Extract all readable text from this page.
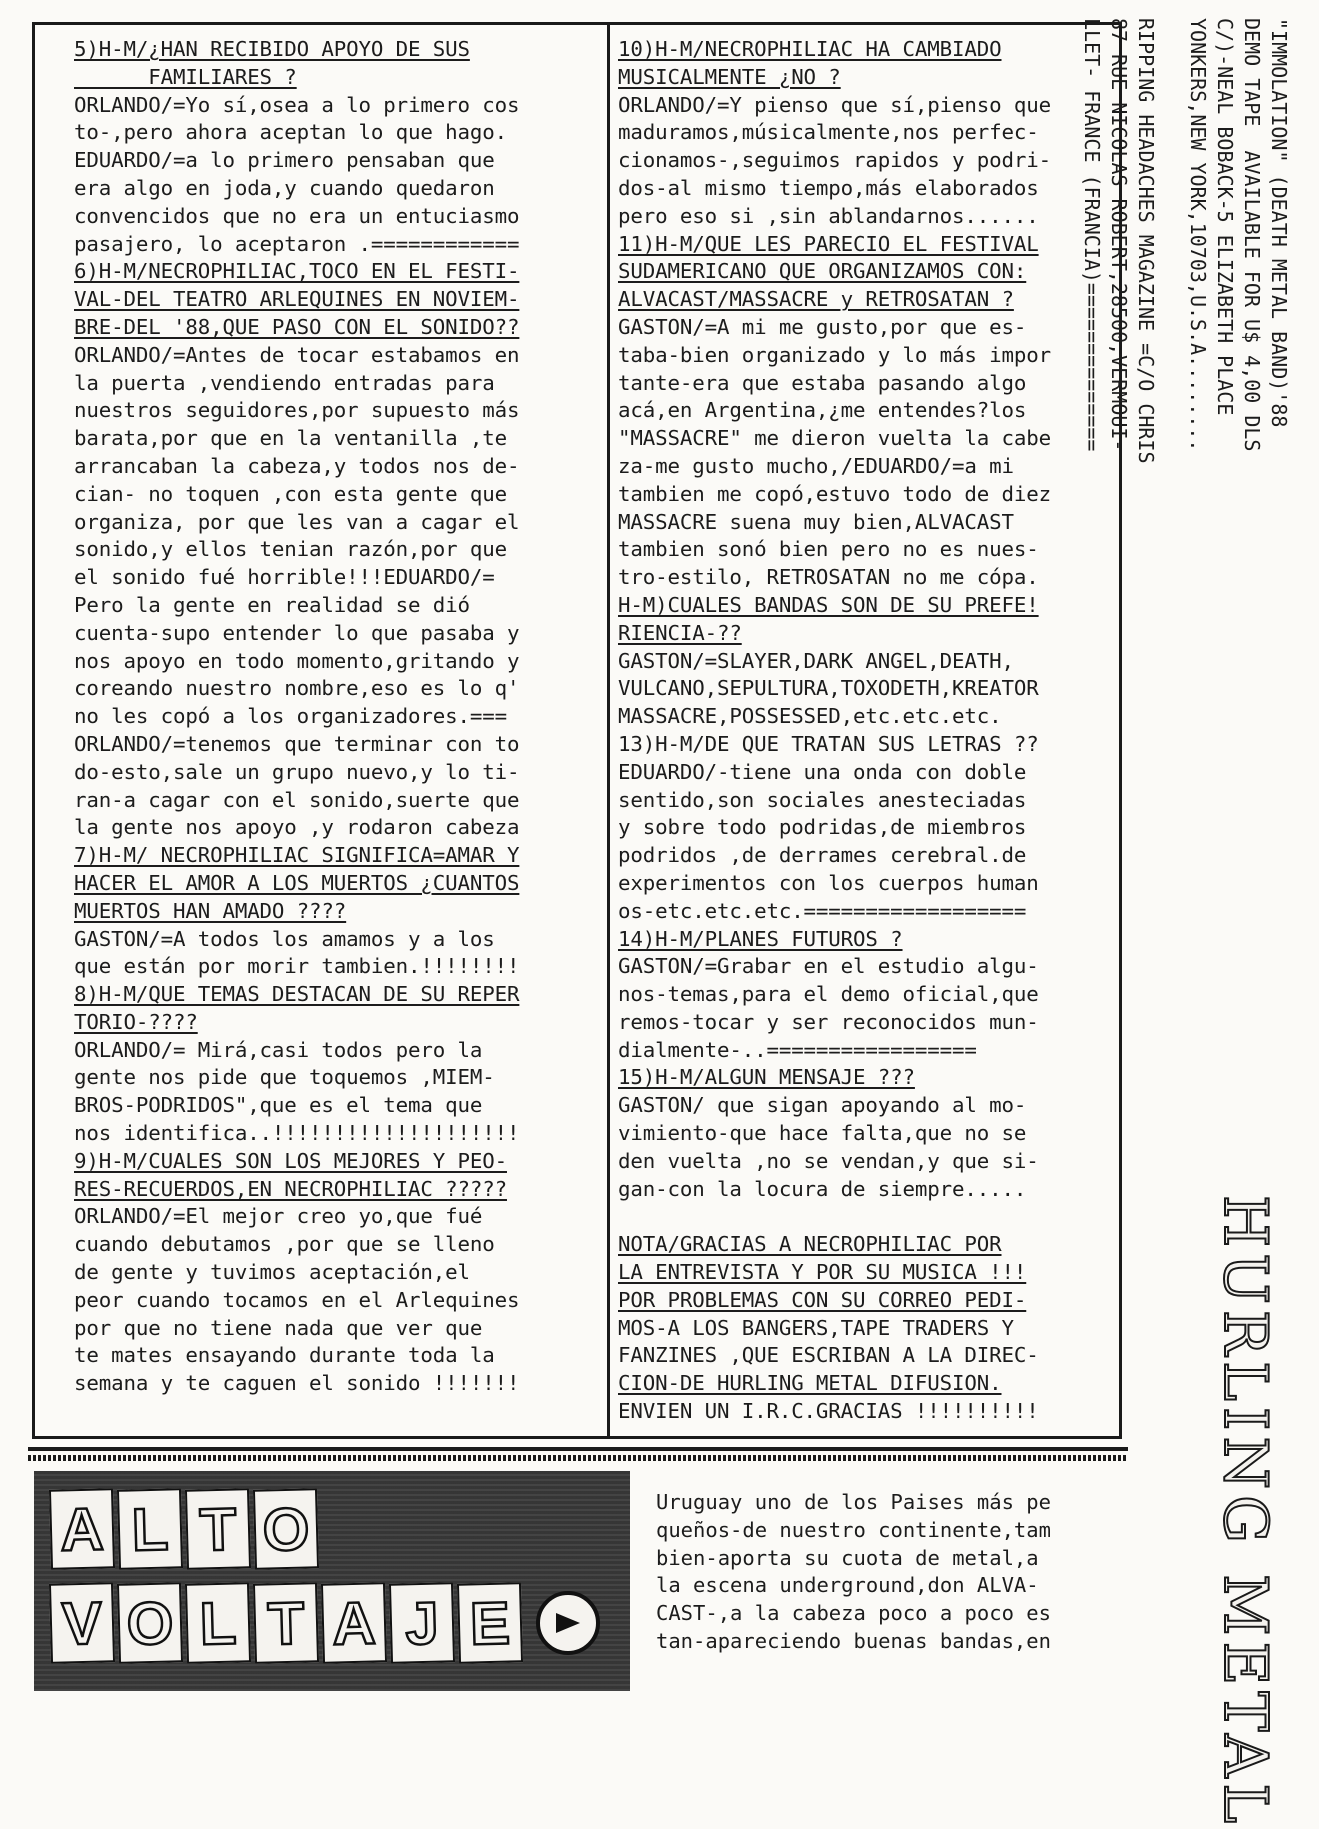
5)H-M/¿HAN RECIBIDO APOYO DE SUS
FAMILIARES ?
ORLANDO/=Yo sí,osea a lo primero cos
to-,pero ahora aceptan lo que hago.
EDUARDO/=a lo primero pensaban que
era algo en joda,y cuando quedaron
convencidos que no era un entuciasmo
pasajero, lo aceptaron .============
6)H-M/NECROPHILIAC,TOCO EN EL FESTI-
VAL-DEL TEATRO ARLEQUINES EN NOVIEM-
BRE-DEL '88,QUE PASO CON EL SONIDO??
ORLANDO/=Antes de tocar estabamos en
la puerta ,vendiendo entradas para
nuestros seguidores,por supuesto más
barata,por que en la ventanilla ,te
arrancaban la cabeza,y todos nos de-
cian- no toquen ,con esta gente que
organiza, por que les van a cagar el
sonido,y ellos tenian razón,por que
el sonido fué horrible!!!EDUARDO/=
Pero la gente en realidad se dió
cuenta-supo entender lo que pasaba y
nos apoyo en todo momento,gritando y
coreando nuestro nombre,eso es lo q'
no les copó a los organizadores.===
ORLANDO/=tenemos que terminar con to
do-esto,sale un grupo nuevo,y lo ti-
ran-a cagar con el sonido,suerte que
la gente nos apoyo ,y rodaron cabeza
7)H-M/ NECROPHILIAC SIGNIFICA=AMAR Y
HACER EL AMOR A LOS MUERTOS ¿CUANTOS
MUERTOS HAN AMADO ????
GASTON/=A todos los amamos y a los
que están por morir tambien.!!!!!!!!
8)H-M/QUE TEMAS DESTACAN DE SU REPER
TORIO-????
ORLANDO/= Mirá,casi todos pero la
gente nos pide que toquemos ,MIEM-
BROS-PODRIDOS",que es el tema que
nos identifica..!!!!!!!!!!!!!!!!!!!!
9)H-M/CUALES SON LOS MEJORES Y PEO-
RES-RECUERDOS,EN NECROPHILIAC ?????
ORLANDO/=El mejor creo yo,que fué
cuando debutamos ,por que se lleno
de gente y tuvimos aceptación,el
peor cuando tocamos en el Arlequines
por que no tiene nada que ver que
te mates ensayando durante toda la
semana y te caguen el sonido !!!!!!!
10)H-M/NECROPHILIAC HA CAMBIADO
MUSICALMENTE ¿NO ?
ORLANDO/=Y pienso que sí,pienso que
maduramos,músicalmente,nos perfec-
cionamos-,seguimos rapidos y podri-
dos-al mismo tiempo,más elaborados
pero eso si ,sin ablandarnos......
11)H-M/QUE LES PARECIO EL FESTIVAL
SUDAMERICANO QUE ORGANIZAMOS CON:
ALVACAST/MASSACRE y RETROSATAN ?
GASTON/=A mi me gusto,por que es-
taba-bien organizado y lo más impor
tante-era que estaba pasando algo
acá,en Argentina,¿me entendes?los
"MASSACRE" me dieron vuelta la cabe
za-me gusto mucho,/EDUARDO/=a mi
tambien me copó,estuvo todo de diez
MASSACRE suena muy bien,ALVACAST
tambien sonó bien pero no es nues-
tro-estilo, RETROSATAN no me cópa.
H-M)CUALES BANDAS SON DE SU PREFE!
RIENCIA-??
GASTON/=SLAYER,DARK ANGEL,DEATH,
VULCANO,SEPULTURA,TOXODETH,KREATOR
MASSACRE,POSSESSED,etc.etc.etc.
13)H-M/DE QUE TRATAN SUS LETRAS ??
EDUARDO/-tiene una onda con doble
sentido,son sociales anesteciadas
y sobre todo podridas,de miembros
podridos ,de derrames cerebral.de
experimentos con los cuerpos human
os-etc.etc.etc.==================
14)H-M/PLANES FUTUROS ?
GASTON/=Grabar en el estudio algu-
nos-temas,para el demo oficial,que
remos-tocar y ser reconocidos mun-
dialmente-..=================
15)H-M/ALGUN MENSAJE ???
GASTON/ que sigan apoyando al mo-
vimiento-que hace falta,que no se
den vuelta ,no se vendan,y que si-
gan-con la locura de siempre.....
NOTA/GRACIAS A NECROPHILIAC POR
LA ENTREVISTA Y POR SU MUSICA !!!
POR PROBLEMAS CON SU CORREO PEDI-
MOS-A LOS BANGERS,TAPE TRADERS Y
FANZINES ,QUE ESCRIBAN A LA DIREC-
CION-DE HURLING METAL DIFUSION.
ENVIEN UN I.R.C.GRACIAS !!!!!!!!!!
"IMMOLATION" (DEATH METAL BAND)'88
DEMO TAPE  AVAILABLE FOR U$ 4,00 DLS
C/)-NEAL BOBACK-5 ELIZABETH PLACE
YONKERS,NEW YORK,10703,U.S.A........
RIPPING HEADACHES MAGAZINE =C/O CHRIS
87 RUE NICOLAS ROBERT,28500,VERMOUI-
LLET- FRANCE (FRANCIA)==============
HURLING METAL
A L T O
V O L T A J E
Uruguay uno de los Paises más pe
queños-de nuestro continente,tam
bien-aporta su cuota de metal,a
la escena underground,don ALVA-
CAST-,a la cabeza poco a poco es
tan-apareciendo buenas bandas,en
